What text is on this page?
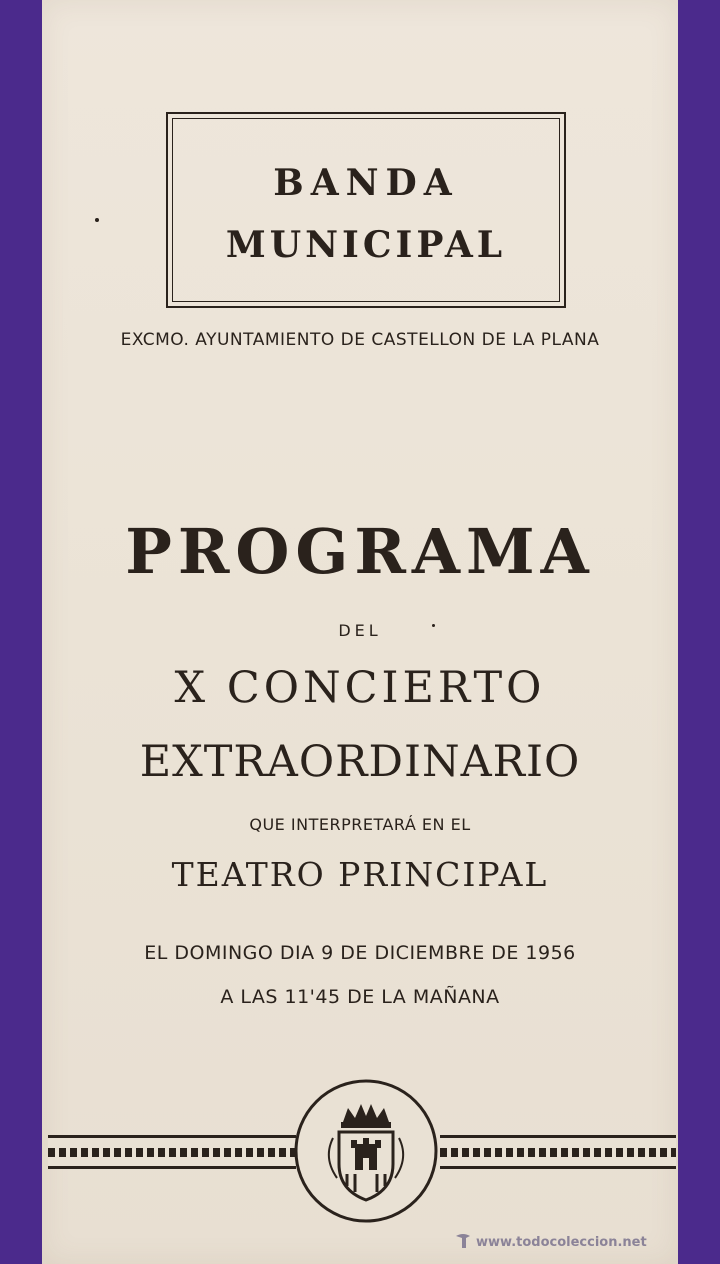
BANDA
MUNICIPAL
EXCMO. AYUNTAMIENTO DE CASTELLON DE LA PLANA
PROGRAMA
DEL
X CONCIERTO
EXTRAORDINARIO
QUE INTERPRETARÁ EN EL
TEATRO PRINCIPAL
EL DOMINGO DIA 9 DE DICIEMBRE DE 1956
A LAS 11'45 DE LA MAÑANA
www.todocoleccion.net
